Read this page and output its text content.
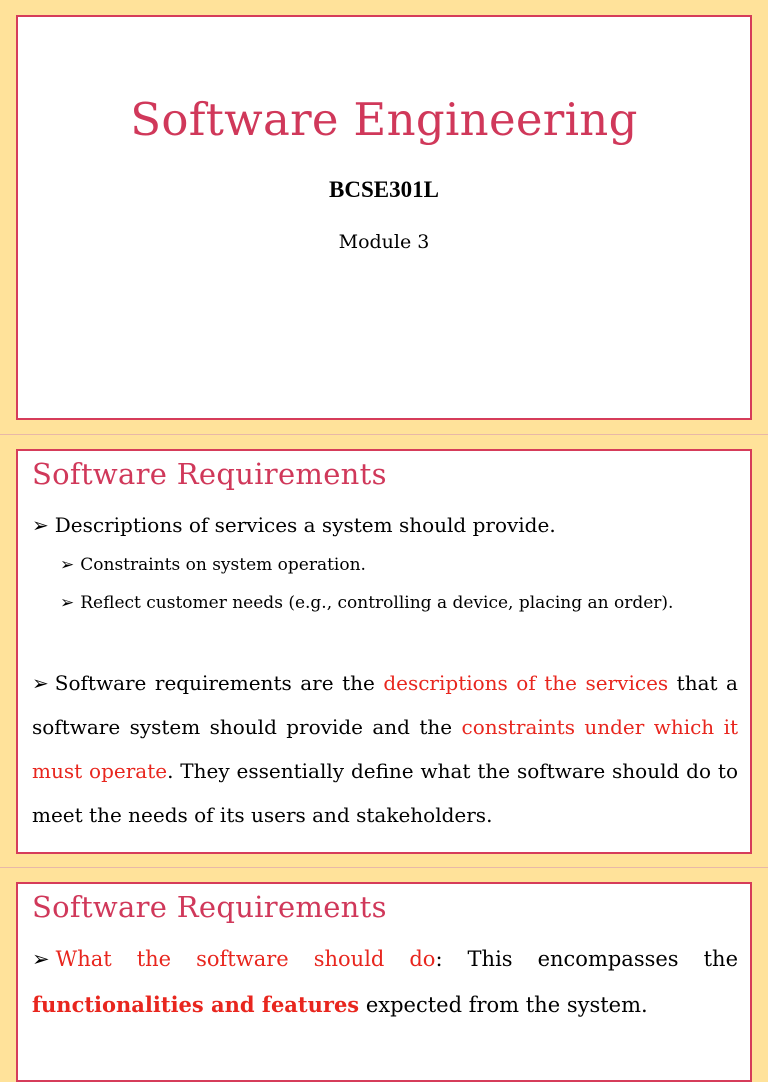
Software Engineering
BCSE301L
Module 3
Software Requirements
➢ Descriptions of services a system should provide.
➢ Constraints on system operation.
➢ Reflect customer needs (e.g., controlling a device, placing an order).
➢ Software requirements are the descriptions of the services that a software system should provide and the constraints under which it must operate. They essentially define what the software should do to meet the needs of its users and stakeholders.
Software Requirements
➢ What the software should do: This encompasses the functionalities and features expected from the system.
